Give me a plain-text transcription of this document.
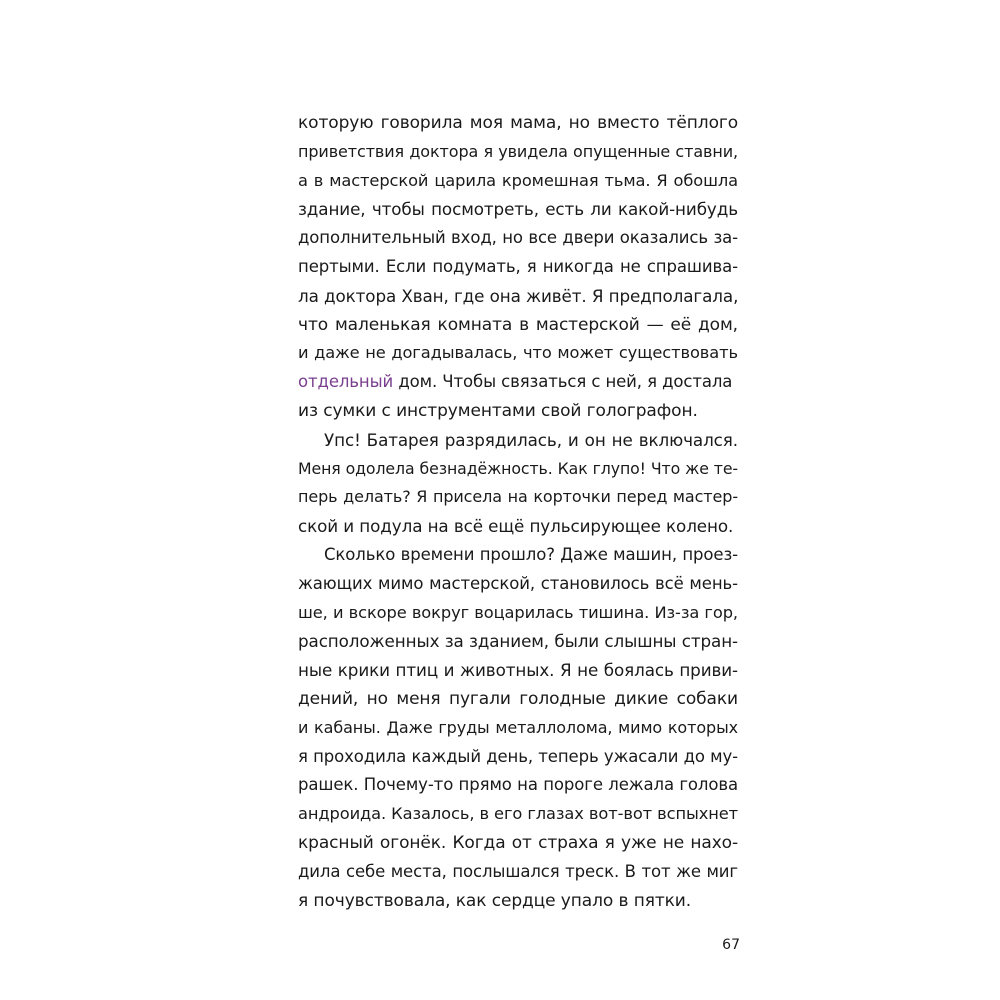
которую говорила моя мама, но вместо тёплого
приветствия доктора я увидела опущенные ставни,
а в мастерской царила кромешная тьма. Я обошла
здание, чтобы посмотреть, есть ли какой-нибудь
дополнительный вход, но все двери оказались за-
пертыми. Если подумать, я никогда не спрашива-
ла доктора Хван, где она живёт. Я предполагала,
что маленькая комната в мастерской — её дом,
и даже не догадывалась, что может существовать
отдельный дом. Чтобы связаться с ней, я достала
из сумки с инструментами свой голографон.
Упс! Батарея разрядилась, и он не включался.
Меня одолела безнадёжность. Как глупо! Что же те-
перь делать? Я присела на корточки перед мастер-
ской и подула на всё ещё пульсирующее колено.
Сколько времени прошло? Даже машин, проез-
жающих мимо мастерской, становилось всё мень-
ше, и вскоре вокруг воцарилась тишина. Из-за гор,
расположенных за зданием, были слышны стран-
ные крики птиц и животных. Я не боялась приви-
дений, но меня пугали голодные дикие собаки
и кабаны. Даже груды металлолома, мимо которых
я проходила каждый день, теперь ужасали до му-
рашек. Почему-то прямо на пороге лежала голова
андроида. Казалось, в его глазах вот-вот вспыхнет
красный огонёк. Когда от страха я уже не нахо-
дила себе места, послышался треск. В тот же миг
я почувствовала, как сердце упало в пятки.
67
